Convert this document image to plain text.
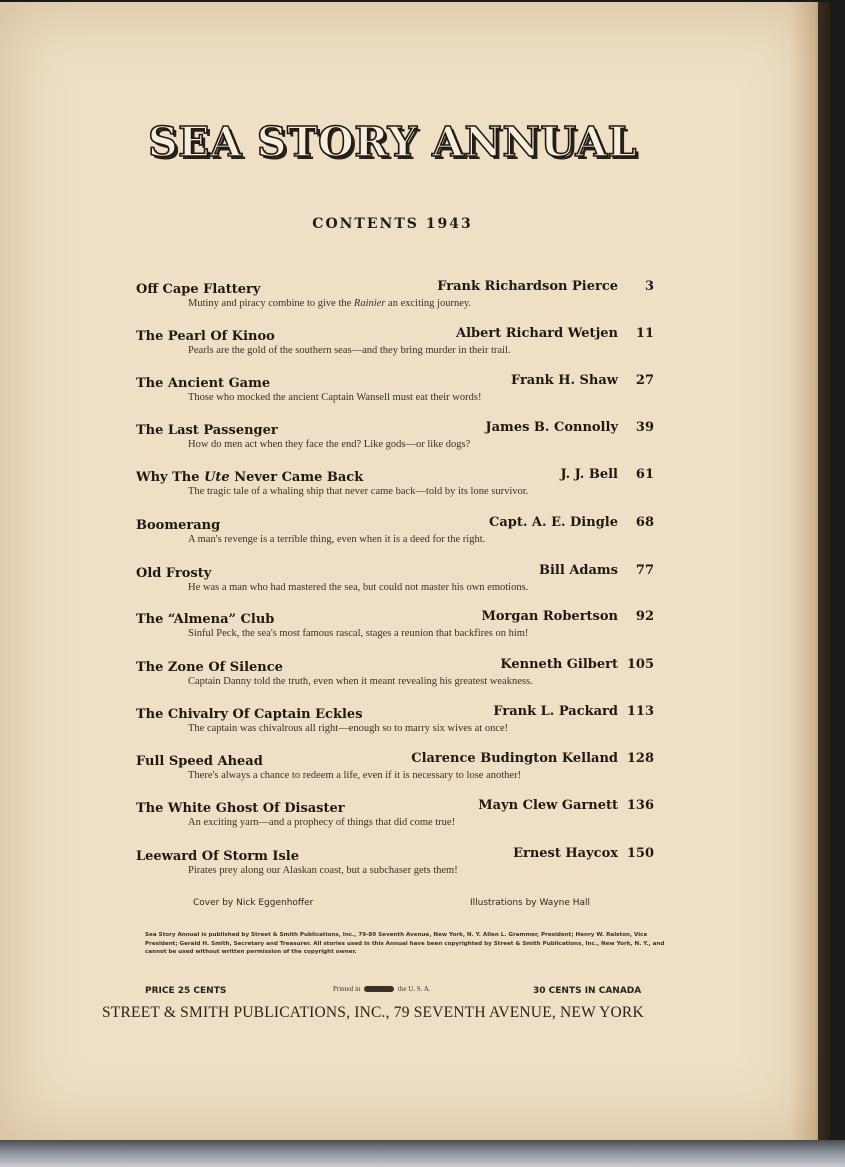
SEA STORY ANNUAL
CONTENTS 1943
Off Cape Flattery	Frank Richardson Pierce 3
Mutiny and piracy combine to give the Rainier an exciting journey.
The Pearl Of Kinoo	Albert Richard Wetjen 11
Pearls are the gold of the southern seas—and they bring murder in their trail.
The Ancient Game	Frank H. Shaw 27
Those who mocked the ancient Captain Wansell must eat their words!
The Last Passenger	James B. Connolly 39
How do men act when they face the end? Like gods—or like dogs?
Why The Ute Never Came Back	J. J. Bell 61
The tragic tale of a whaling ship that never came back—told by its lone survivor.
Boomerang	Capt. A. E. Dingle 68
A man's revenge is a terrible thing, even when it is a deed for the right.
Old Frosty	Bill Adams 77
He was a man who had mastered the sea, but could not master his own emotions.
The “Almena” Club	Morgan Robertson 92
Sinful Peck, the sea's most famous rascal, stages a reunion that backfires on him!
The Zone Of Silence	Kenneth Gilbert 105
Captain Danny told the truth, even when it meant revealing his greatest weakness.
The Chivalry Of Captain Eckles	Frank L. Packard 113
The captain was chivalrous all right—enough so to marry six wives at once!
Full Speed Ahead	Clarence Budington Kelland 128
There's always a chance to redeem a life, even if it is necessary to lose another!
The White Ghost Of Disaster	Mayn Clew Garnett 136
An exciting yarn—and a prophecy of things that did come true!
Leeward Of Storm Isle	Ernest Haycox 150
Pirates prey along our Alaskan coast, but a subchaser gets them!
Cover by Nick Eggenhoffer	Illustrations by Wayne Hall
Sea Story Annual is published by Street & Smith Publications, Inc., 79-89 Seventh Avenue, New York, N. Y. Allen L. Grammer, President; Henry W. Ralston, Vice President; Gerald H. Smith, Secretary and Treasurer. All stories used in this Annual have been copyrighted by Street & Smith Publications, Inc., New York, N. Y., and cannot be used without written permission of the copyright owner.
PRICE 25 CENTS	Printed in	the U. S. A.	30 CENTS IN CANADA
STREET & SMITH PUBLICATIONS, INC., 79 SEVENTH AVENUE, NEW YORK
